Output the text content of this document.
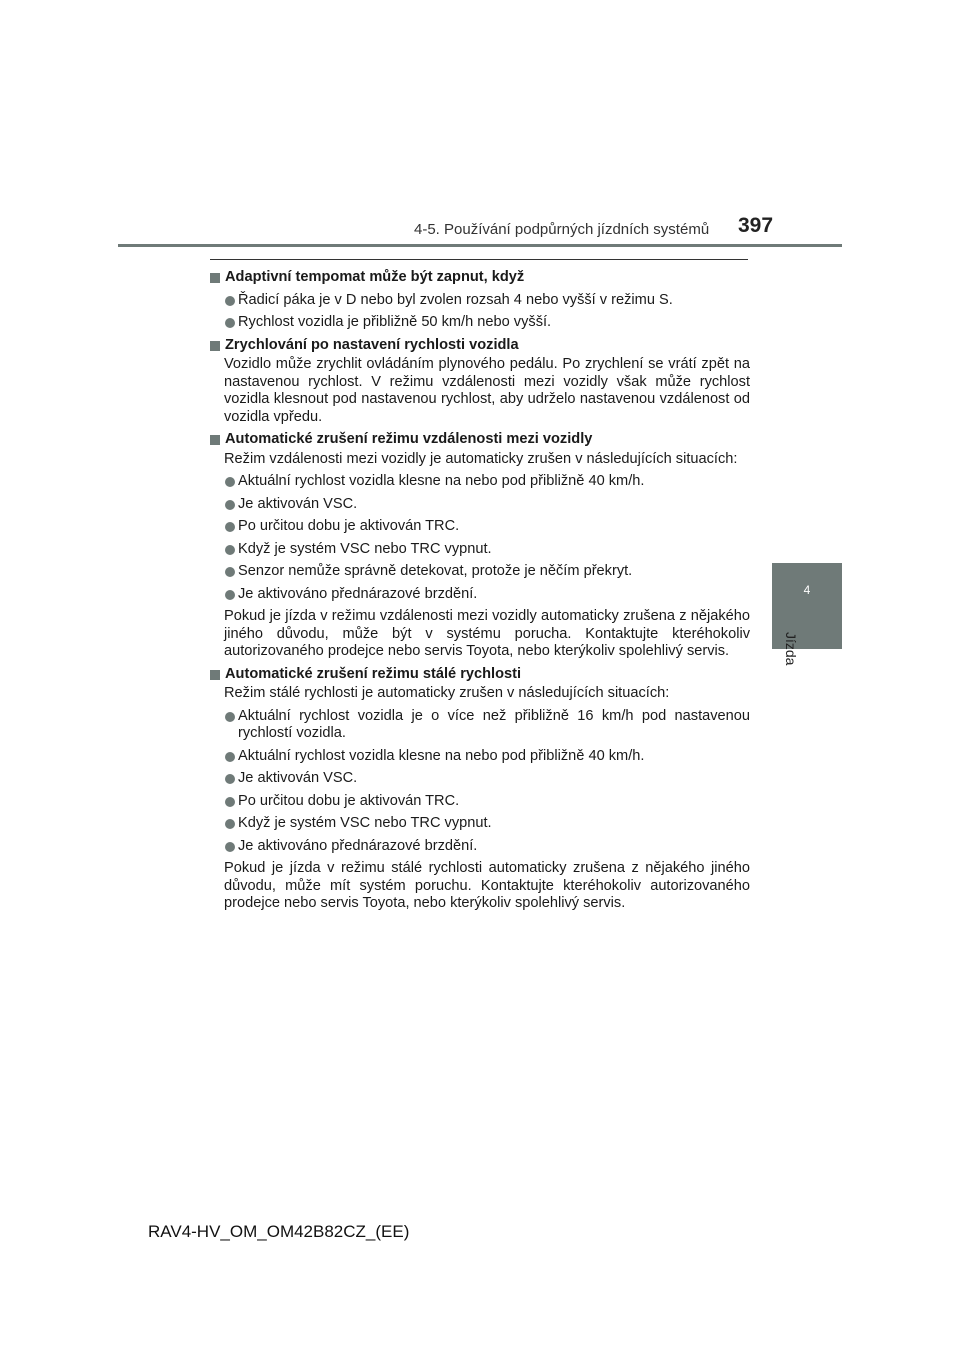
4-5. Používání podpůrných jízdních systémů 397
4
Jízda
Adaptivní tempomat může být zapnut, když
Řadicí páka je v D nebo byl zvolen rozsah 4 nebo vyšší v režimu S.
Rychlost vozidla je přibližně 50 km/h nebo vyšší.
Zrychlování po nastavení rychlosti vozidla
Vozidlo může zrychlit ovládáním plynového pedálu. Po zrychlení se vrátí zpět na nastavenou rychlost. V režimu vzdálenosti mezi vozidly však může rychlost vozidla klesnout pod nastavenou rychlost, aby udrželo nastavenou vzdálenost od vozidla vpředu.
Automatické zrušení režimu vzdálenosti mezi vozidly
Režim vzdálenosti mezi vozidly je automaticky zrušen v následujících situacích:
Aktuální rychlost vozidla klesne na nebo pod přibližně 40 km/h.
Je aktivován VSC.
Po určitou dobu je aktivován TRC.
Když je systém VSC nebo TRC vypnut.
Senzor nemůže správně detekovat, protože je něčím překryt.
Je aktivováno přednárazové brzdění.
Pokud je jízda v režimu vzdálenosti mezi vozidly automaticky zrušena z nějakého jiného důvodu, může být v systému porucha. Kontaktujte kteréhokoliv autorizovaného prodejce nebo servis Toyota, nebo kterýkoliv spolehlivý servis.
Automatické zrušení režimu stálé rychlosti
Režim stálé rychlosti je automaticky zrušen v následujících situacích:
Aktuální rychlost vozidla je o více než přibližně 16 km/h pod nastavenou rychlostí vozidla.
Aktuální rychlost vozidla klesne na nebo pod přibližně 40 km/h.
Je aktivován VSC.
Po určitou dobu je aktivován TRC.
Když je systém VSC nebo TRC vypnut.
Je aktivováno přednárazové brzdění.
Pokud je jízda v režimu stálé rychlosti automaticky zrušena z nějakého jiného důvodu, může mít systém poruchu. Kontaktujte kteréhokoliv autorizovaného prodejce nebo servis Toyota, nebo kterýkoliv spolehlivý servis.
RAV4-HV_OM_OM42B82CZ_(EE)
